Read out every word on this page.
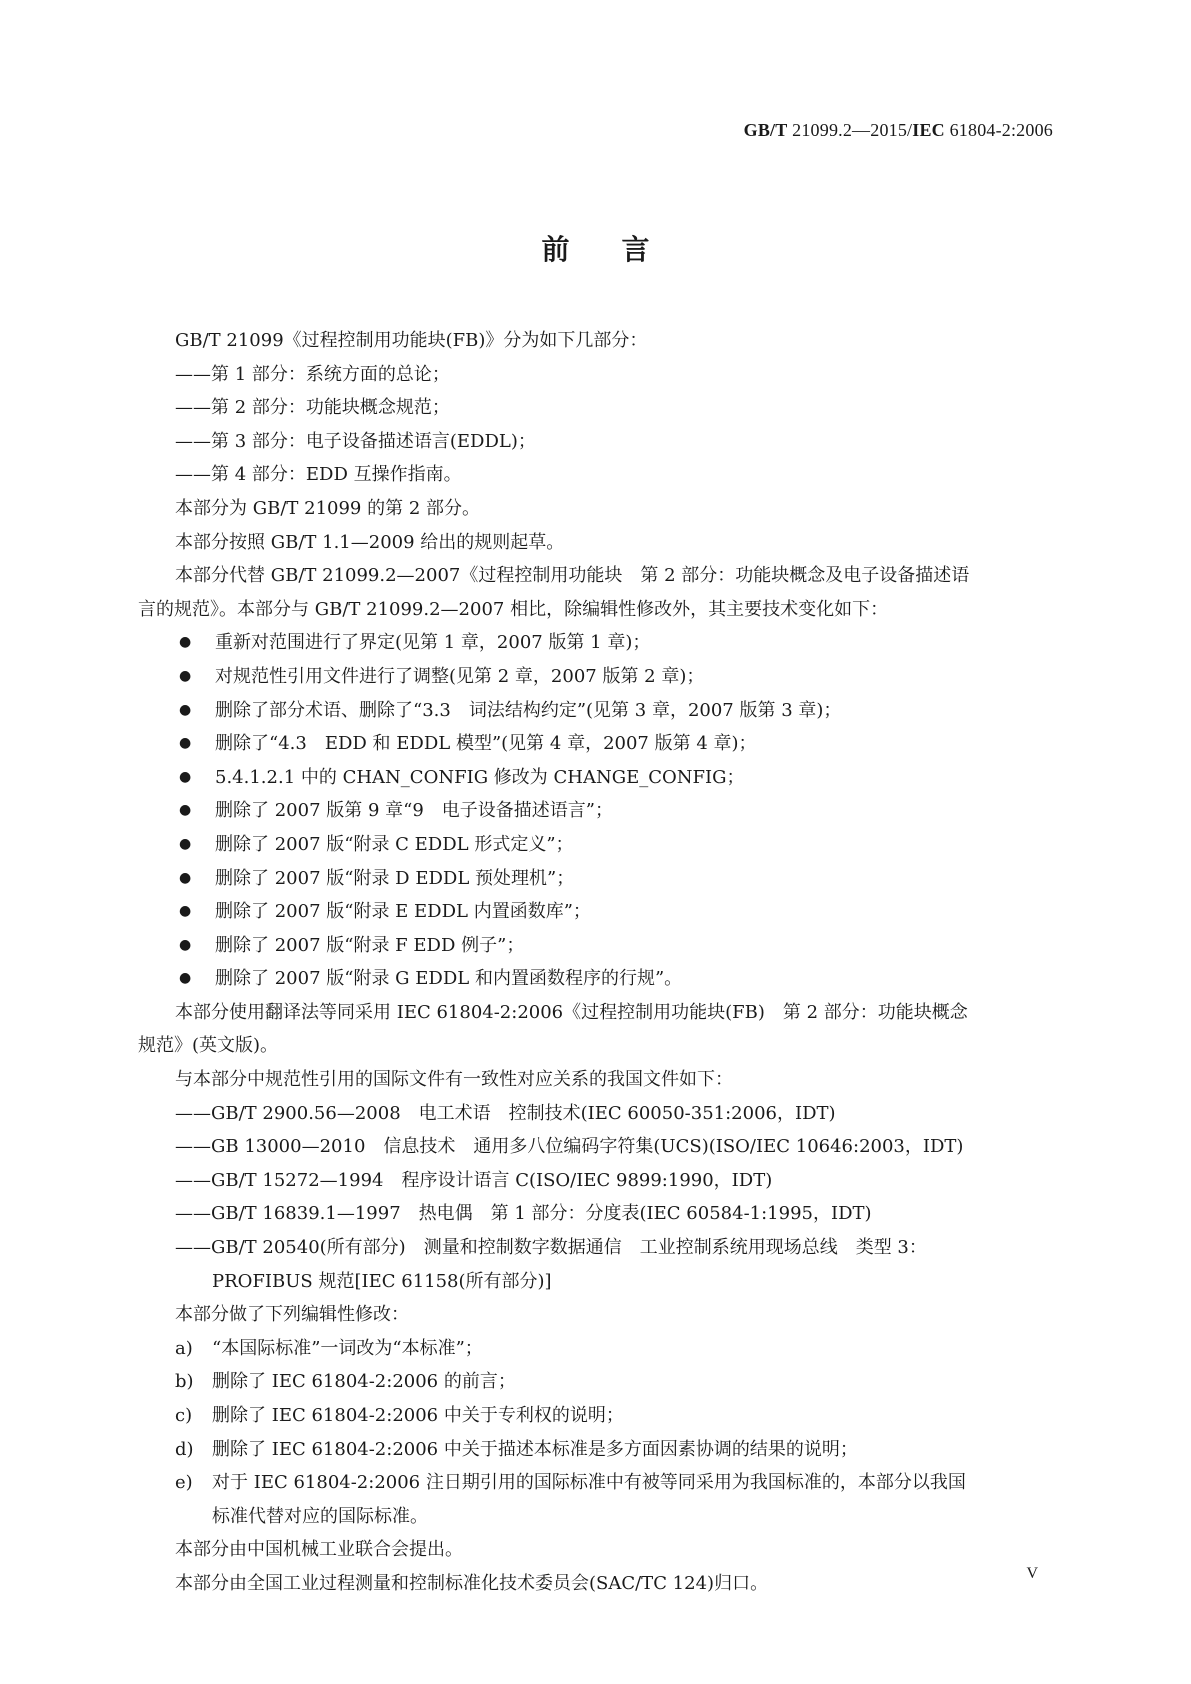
GB/T 21099.2—2015/IEC 61804-2:2006
前 言
GB/T 21099《过程控制用功能块(FB)》分为如下几部分：
——第 1 部分：系统方面的总论；
——第 2 部分：功能块概念规范；
——第 3 部分：电子设备描述语言(EDDL)；
——第 4 部分：EDD 互操作指南。
本部分为 GB/T 21099 的第 2 部分。
本部分按照 GB/T 1.1—2009 给出的规则起草。
本部分代替 GB/T 21099.2—2007《过程控制用功能块　第 2 部分：功能块概念及电子设备描述语
言的规范》。本部分与 GB/T 21099.2—2007 相比，除编辑性修改外，其主要技术变化如下：
● 重新对范围进行了界定(见第 1 章，2007 版第 1 章)；
● 对规范性引用文件进行了调整(见第 2 章，2007 版第 2 章)；
● 删除了部分术语、删除了“3.3　词法结构约定”(见第 3 章，2007 版第 3 章)；
● 删除了“4.3　EDD 和 EDDL 模型”(见第 4 章，2007 版第 4 章)；
● 5.4.1.2.1 中的 CHAN_CONFIG 修改为 CHANGE_CONFIG；
● 删除了 2007 版第 9 章“9　电子设备描述语言”；
● 删除了 2007 版“附录 C EDDL 形式定义”；
● 删除了 2007 版“附录 D EDDL 预处理机”；
● 删除了 2007 版“附录 E EDDL 内置函数库”；
● 删除了 2007 版“附录 F EDD 例子”；
● 删除了 2007 版“附录 G EDDL 和内置函数程序的行规”。
本部分使用翻译法等同采用 IEC 61804-2:2006《过程控制用功能块(FB)　第 2 部分：功能块概念
规范》(英文版)。
与本部分中规范性引用的国际文件有一致性对应关系的我国文件如下：
——GB/T 2900.56—2008　电工术语　控制技术(IEC 60050-351:2006，IDT)
——GB 13000—2010　信息技术　通用多八位编码字符集(UCS)(ISO/IEC 10646:2003，IDT)
——GB/T 15272—1994　程序设计语言 C(ISO/IEC 9899:1990，IDT)
——GB/T 16839.1—1997　热电偶　第 1 部分：分度表(IEC 60584-1:1995，IDT)
——GB/T 20540(所有部分)　测量和控制数字数据通信　工业控制系统用现场总线　类型 3：
PROFIBUS 规范[IEC 61158(所有部分)]
本部分做了下列编辑性修改：
a) “本国际标准”一词改为“本标准”；
b) 删除了 IEC 61804-2:2006 的前言；
c) 删除了 IEC 61804-2:2006 中关于专利权的说明；
d) 删除了 IEC 61804-2:2006 中关于描述本标准是多方面因素协调的结果的说明；
e) 对于 IEC 61804-2:2006 注日期引用的国际标准中有被等同采用为我国标准的，本部分以我国
标准代替对应的国际标准。
本部分由中国机械工业联合会提出。
本部分由全国工业过程测量和控制标准化技术委员会(SAC/TC 124)归口。	V
